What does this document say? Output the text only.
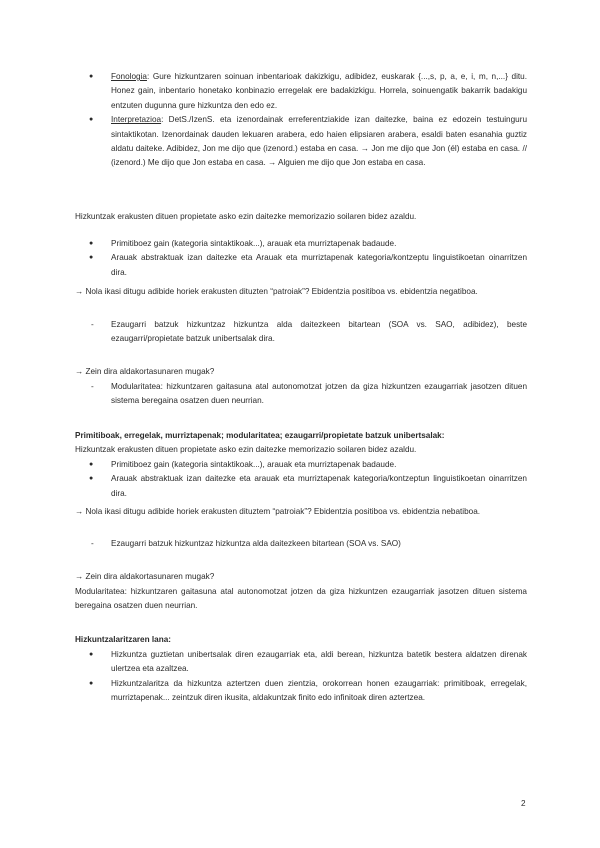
● Fonologia: Gure hizkuntzaren soinuan inbentarioak dakizkigu, adibidez, euskarak {...,s, p, a, e, i, m, n,...} ditu. Honez gain, inbentario honetako konbinazio erregelak ere badakizkigu. Horrela, soinuengatik bakarrik badakigu entzuten dugunna gure hizkuntza den edo ez.
● Interpretazioa: DetS./IzenS. eta izenordainak erreferentziakide izan daitezke, baina ez edozein testuinguru sintaktikotan. Izenordainak dauden lekuaren arabera, edo haien elipsiaren arabera, esaldi baten esanahia guztiz aldatu daiteke. Adibidez, Jon me dijo que (izenord.) estaba en casa. → Jon me dijo que Jon (él) estaba en casa. // (izenord.) Me dijo que Jon estaba en casa. → Alguien me dijo que Jon estaba en casa.

Hizkuntzak erakusten dituen propietate asko ezin daitezke memorizazio soilaren bidez azaldu.

● Primitiboez gain (kategoria sintaktikoak...), arauak eta murriztapenak badaude.
● Arauak abstraktuak izan daitezke eta Arauak eta murriztapenak kategoria/kontzeptu linguistikoetan oinarritzen dira.

→ Nola ikasi ditugu adibide horiek erakusten dituzten “patroiak”? Ebidentzia positiboa vs. ebidentzia negatiboa.

- Ezaugarri batzuk hizkuntzaz hizkuntza alda daitezkeen bitartean (SOA vs. SAO, adibidez), beste ezaugarri/propietate batzuk unibertsalak dira.

→ Zein dira aldakortasunaren mugak?

- Modularitatea: hizkuntzaren gaitasuna atal autonomotzat jotzen da giza hizkuntzen ezaugarriak jasotzen dituen sistema beregaina osatzen duen neurrian.

Primitiboak, erregelak, murriztapenak; modularitatea; ezaugarri/propietate batzuk unibertsalak:

Hizkuntzak erakusten dituen propietate asko ezin daitezke memorizazio soilaren bidez azaldu.

● Primitiboez gain (kategoria sintaktikoak...), arauak eta murriztapenak badaude.
● Arauak abstraktuak izan daitezke eta arauak eta murriztapenak kategoria/kontzeptun linguistikoetan oinarritzen dira.

→ Nola ikasi ditugu adibide horiek erakusten dituztem “patroiak”? Ebidentzia positiboa vs. ebidentzia nebatiboa.

- Ezaugarri batzuk hizkuntzaz hizkuntza alda daitezkeen bitartean (SOA vs. SAO)

→ Zein dira aldakortasunaren mugak?

Modularitatea: hizkuntzaren gaitasuna atal autonomotzat jotzen da giza hizkuntzen ezaugarriak jasotzen dituen sistema beregaina osatzen duen neurrian.

Hizkuntzalaritzaren lana:

● Hizkuntza guztietan unibertsalak diren ezaugarriak eta, aldi berean, hizkuntza batetik bestera aldatzen direnak ulertzea eta azaltzea.
● Hizkuntzalaritza da hizkuntza aztertzen duen zientzia, orokorrean honen ezaugarriak: primitiboak, erregelak, murriztapenak... zeintzuk diren ikusita, aldakuntzak finito edo infinitoak diren aztertzea.
2
